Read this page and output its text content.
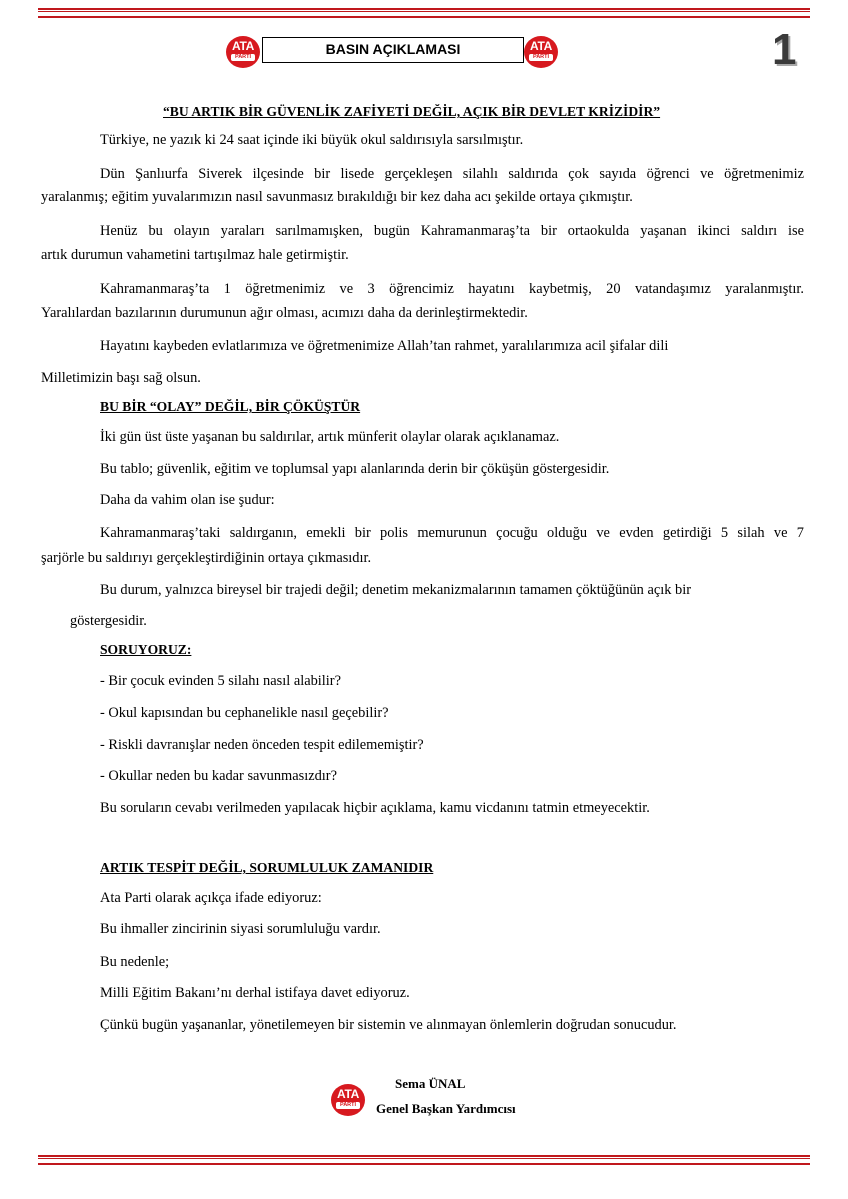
ATA
PARTİ	BASIN AÇIKLAMASI	ATA
PARTİ	1
“BU ARTIK BİR GÜVENLİK ZAFİYETİ DEĞİL, AÇIK BİR DEVLET KRİZİDİR”
Türkiye, ne yazık ki 24 saat içinde iki büyük okul saldırısıyla sarsılmıştır.
Dün Şanlıurfa Siverek ilçesinde bir lisede gerçekleşen silahlı saldırıda çok sayıda öğrenci ve öğretmenimiz
yaralanmış; eğitim yuvalarımızın nasıl savunmasız bırakıldığı bir kez daha acı şekilde ortaya çıkmıştır.
Henüz bu olayın yaraları sarılmamışken, bugün Kahramanmaraş’ta bir ortaokulda yaşanan ikinci saldırı ise
artık durumun vahametini tartışılmaz hale getirmiştir.
Kahramanmaraş’ta 1 öğretmenimiz ve 3 öğrencimiz hayatını kaybetmiş, 20 vatandaşımız yaralanmıştır.
Yaralılardan bazılarının durumunun ağır olması, acımızı daha da derinleştirmektedir.
Hayatını kaybeden evlatlarımıza ve öğretmenimize Allah’tan rahmet, yaralılarımıza acil şifalar dili
Milletimizin başı sağ olsun.
BU BİR “OLAY” DEĞİL, BİR ÇÖKÜŞTÜR
İki gün üst üste yaşanan bu saldırılar, artık münferit olaylar olarak açıklanamaz.
Bu tablo; güvenlik, eğitim ve toplumsal yapı alanlarında derin bir çöküşün göstergesidir.
Daha da vahim olan ise şudur:
Kahramanmaraş’taki saldırganın, emekli bir polis memurunun çocuğu olduğu ve evden getirdiği 5 silah ve 7
şarjörle bu saldırıyı gerçekleştirdiğinin ortaya çıkmasıdır.
Bu durum, yalnızca bireysel bir trajedi değil; denetim mekanizmalarının tamamen çöktüğünün açık bir
göstergesidir.
SORUYORUZ:
- Bir çocuk evinden 5 silahı nasıl alabilir?
- Okul kapısından bu cephanelikle nasıl geçebilir?
- Riskli davranışlar neden önceden tespit edilememiştir?
- Okullar neden bu kadar savunmasızdır?
Bu soruların cevabı verilmeden yapılacak hiçbir açıklama, kamu vicdanını tatmin etmeyecektir.
ARTIK TESPİT DEĞİL, SORUMLULUK ZAMANIDIR
Ata Parti olarak açıkça ifade ediyoruz:
Bu ihmaller zincirinin siyasi sorumluluğu vardır.
Bu nedenle;
Milli Eğitim Bakanı’nı derhal istifaya davet ediyoruz.
Çünkü bugün yaşananlar, yönetilemeyen bir sistemin ve alınmayan önlemlerin doğrudan sonucudur.
ATA
PARTİ
Sema ÜNAL
Genel Başkan Yardımcısı
